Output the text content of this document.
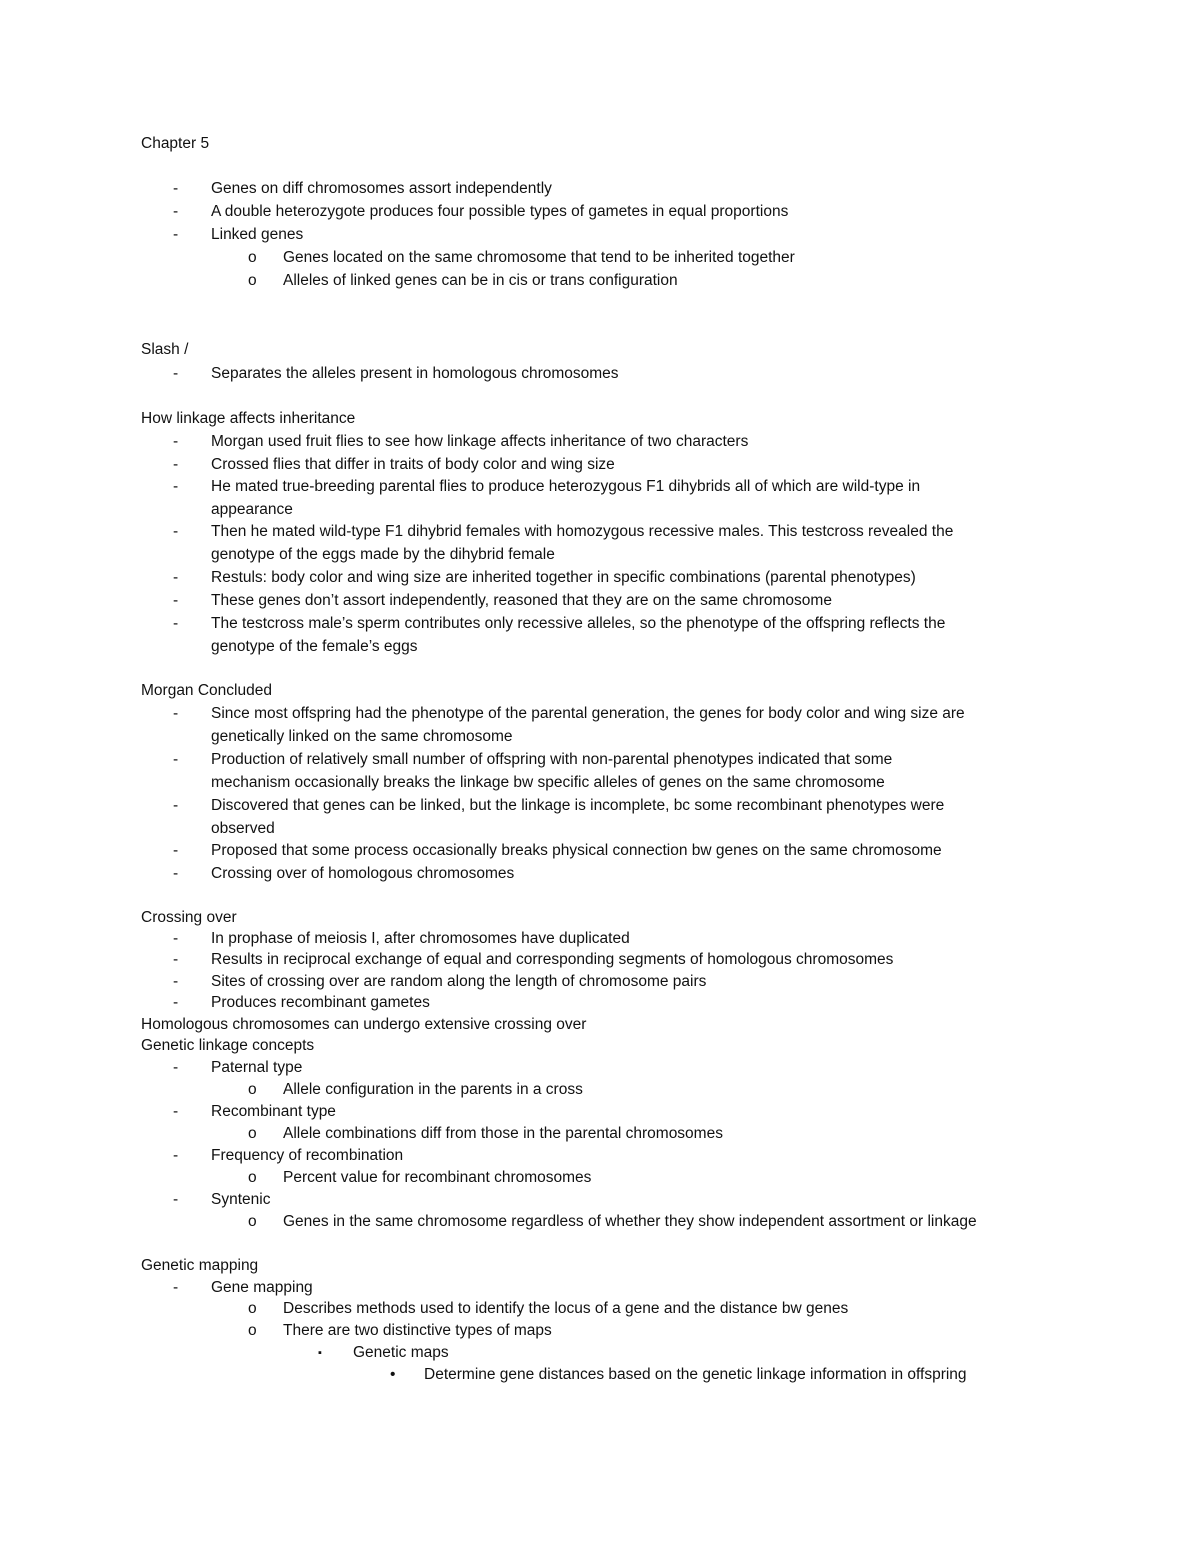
Chapter 5
-	Genes on diff chromosomes assort independently
-	A double heterozygote produces four possible types of gametes in equal proportions
-	Linked genes
o Genes located on the same chromosome that tend to be inherited together
o Alleles of linked genes can be in cis or trans configuration
Slash /
-	Separates the alleles present in homologous chromosomes
How linkage affects inheritance
-	Morgan used fruit flies to see how linkage affects inheritance of two characters
-	Crossed flies that differ in traits of body color and wing size
-	He mated true-breeding parental flies to produce heterozygous F1 dihybrids all of which are wild-type in
appearance
-	Then he mated wild-type F1 dihybrid females with homozygous recessive males. This testcross revealed the
genotype of the eggs made by the dihybrid female
-	Restuls: body color and wing size are inherited together in specific combinations (parental phenotypes)
-	These genes don’t assort independently, reasoned that they are on the same chromosome
-	The testcross male’s sperm contributes only recessive alleles, so the phenotype of the offspring reflects the
genotype of the female’s eggs
Morgan Concluded
-	Since most offspring had the phenotype of the parental generation, the genes for body color and wing size are
genetically linked on the same chromosome
-	Production of relatively small number of offspring with non-parental phenotypes indicated that some
mechanism occasionally breaks the linkage bw specific alleles of genes on the same chromosome
-	Discovered that genes can be linked, but the linkage is incomplete, bc some recombinant phenotypes were
observed
-	Proposed that some process occasionally breaks physical connection bw genes on the same chromosome
-	Crossing over of homologous chromosomes
Crossing over
-	In prophase of meiosis I, after chromosomes have duplicated
-	Results in reciprocal exchange of equal and corresponding segments of homologous chromosomes
-	Sites of crossing over are random along the length of chromosome pairs
-	Produces recombinant gametes
Homologous chromosomes can undergo extensive crossing over
Genetic linkage concepts
-	Paternal type
o Allele configuration in the parents in a cross
-	Recombinant type
o Allele combinations diff from those in the parental chromosomes
-	Frequency of recombination
o Percent value for recombinant chromosomes
-	Syntenic
o Genes in the same chromosome regardless of whether they show independent assortment or linkage
Genetic mapping
-	Gene mapping
o Describes methods used to identify the locus of a gene and the distance bw genes
o There are two distinctive types of maps
▪ Genetic maps
• Determine gene distances based on the genetic linkage information in offspring
